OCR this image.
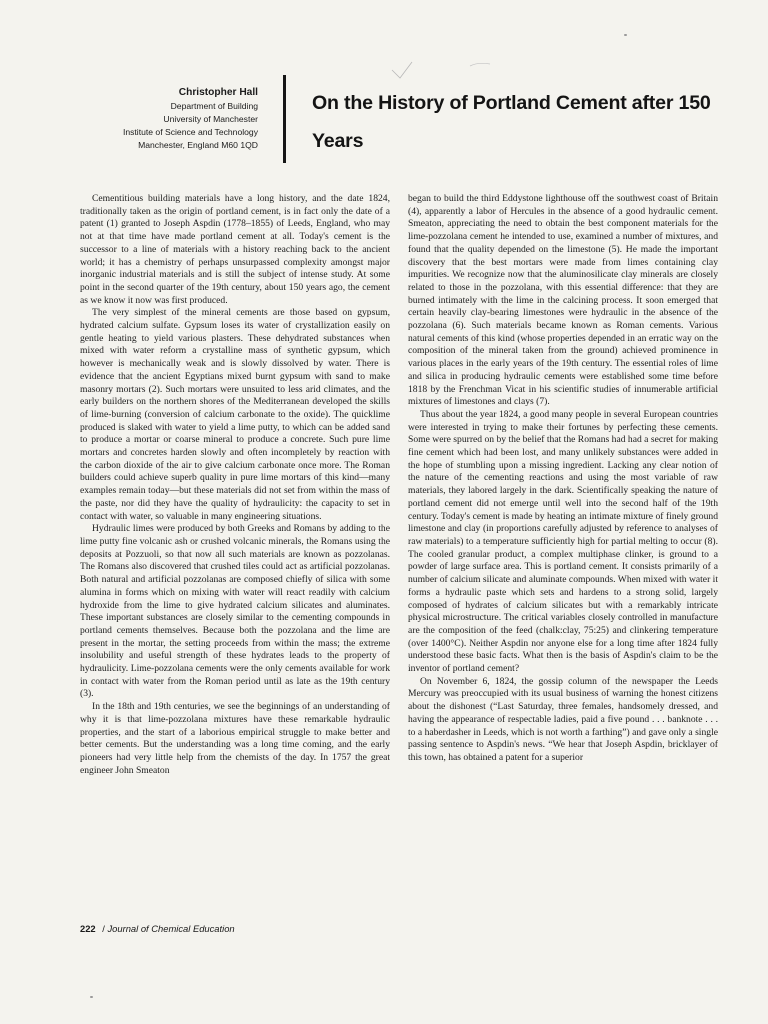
Christopher Hall
Department of Building
University of Manchester
Institute of Science and Technology
Manchester, England M60 1QD
On the History of Portland Cement after 150 Years

Cementitious building materials have a long history, and the date 1824, traditionally taken as the origin of portland cement, is in fact only the date of a patent (1) granted to Joseph Aspdin (1778–1855) of Leeds, England, who may not at that time have made portland cement at all. Today's cement is the successor to a line of materials with a history reaching back to the ancient world; it has a chemistry of perhaps unsurpassed complexity amongst major inorganic industrial materials and is still the subject of intense study. At some point in the second quarter of the 19th century, about 150 years ago, the cement as we know it now was first produced.

The very simplest of the mineral cements are those based on gypsum, hydrated calcium sulfate. Gypsum loses its water of crystallization easily on gentle heating to yield various plasters. These dehydrated substances when mixed with water reform a crystalline mass of synthetic gypsum, which however is mechanically weak and is slowly dissolved by water. There is evidence that the ancient Egyptians mixed burnt gypsum with sand to make masonry mortars (2). Such mortars were unsuited to less arid climates, and the early builders on the northern shores of the Mediterranean developed the skills of lime-burning (conversion of calcium carbonate to the oxide). The quicklime produced is slaked with water to yield a lime putty, to which can be added sand to produce a mortar or coarse mineral to produce a concrete. Such pure lime mortars and concretes harden slowly and often incompletely by reaction with the carbon dioxide of the air to give calcium carbonate once more. The Roman builders could achieve superb quality in pure lime mortars of this kind—many examples remain today—but these materials did not set from within the mass of the paste, nor did they have the quality of hydraulicity: the capacity to set in contact with water, so valuable in many engineering situations.

Hydraulic limes were produced by both Greeks and Romans by adding to the lime putty fine volcanic ash or crushed volcanic minerals, the Romans using the deposits at Pozzuoli, so that now all such materials are known as pozzolanas. The Romans also discovered that crushed tiles could act as artificial pozzolanas. Both natural and artificial pozzolanas are composed chiefly of silica with some alumina in forms which on mixing with water will react readily with calcium hydroxide from the lime to give hydrated calcium silicates and aluminates. These important substances are closely similar to the cementing compounds in portland cements themselves. Because both the pozzolana and the lime are present in the mortar, the setting proceeds from within the mass; the extreme insolubility and useful strength of these hydrates leads to the property of hydraulicity. Lime-pozzolana cements were the only cements available for work in contact with water from the Roman period until as late as the 19th century (3).

In the 18th and 19th centuries, we see the beginnings of an understanding of why it is that lime-pozzolana mixtures have these remarkable hydraulic properties, and the start of a laborious empirical struggle to make better and better cements. But the understanding was a long time coming, and the early pioneers had very little help from the chemists of the day. In 1757 the great engineer John Smeaton

began to build the third Eddystone lighthouse off the southwest coast of Britain (4), apparently a labor of Hercules in the absence of a good hydraulic cement. Smeaton, appreciating the need to obtain the best component materials for the lime-pozzolana cement he intended to use, examined a number of mixtures, and found that the quality depended on the limestone (5). He made the important discovery that the best mortars were made from limes containing clay impurities. We recognize now that the aluminosilicate clay minerals are closely related to those in the pozzolana, with this essential difference: that they are burned intimately with the lime in the calcining process. It soon emerged that certain heavily clay-bearing limestones were hydraulic in the absence of the pozzolana (6). Such materials became known as Roman cements. Various natural cements of this kind (whose properties depended in an erratic way on the composition of the mineral taken from the ground) achieved prominence in various places in the early years of the 19th century. The essential roles of lime and silica in producing hydraulic cements were established some time before 1818 by the Frenchman Vicat in his scientific studies of innumerable artificial mixtures of limestones and clays (7).

Thus about the year 1824, a good many people in several European countries were interested in trying to make their fortunes by perfecting these cements. Some were spurred on by the belief that the Romans had had a secret for making fine cement which had been lost, and many unlikely substances were added in the hope of stumbling upon a missing ingredient. Lacking any clear notion of the nature of the cementing reactions and using the most variable of raw materials, they labored largely in the dark. Scientifically speaking the nature of portland cement did not emerge until well into the second half of the 19th century. Today's cement is made by heating an intimate mixture of finely ground limestone and clay (in proportions carefully adjusted by reference to analyses of raw materials) to a temperature sufficiently high for partial melting to occur (8). The cooled granular product, a complex multiphase clinker, is ground to a powder of large surface area. This is portland cement. It consists primarily of a number of calcium silicate and aluminate compounds. When mixed with water it forms a hydraulic paste which sets and hardens to a strong solid, largely composed of hydrates of calcium silicates but with a remarkably intricate physical microstructure. The critical variables closely controlled in manufacture are the composition of the feed (chalk:clay, 75:25) and clinkering temperature (over 1400°C). Neither Aspdin nor anyone else for a long time after 1824 fully understood these basic facts. What then is the basis of Aspdin's claim to be the inventor of portland cement?

On November 6, 1824, the gossip column of the newspaper the Leeds Mercury was preoccupied with its usual business of warning the honest citizens about the dishonest (“Last Saturday, three females, handsomely dressed, and having the appearance of respectable ladies, paid a five pound . . . banknote . . . to a haberdasher in Leeds, which is not worth a farthing”) and gave only a single passing sentence to Aspdin's news. “We hear that Joseph Aspdin, bricklayer of this town, has obtained a patent for a superior

222 / Journal of Chemical Education
